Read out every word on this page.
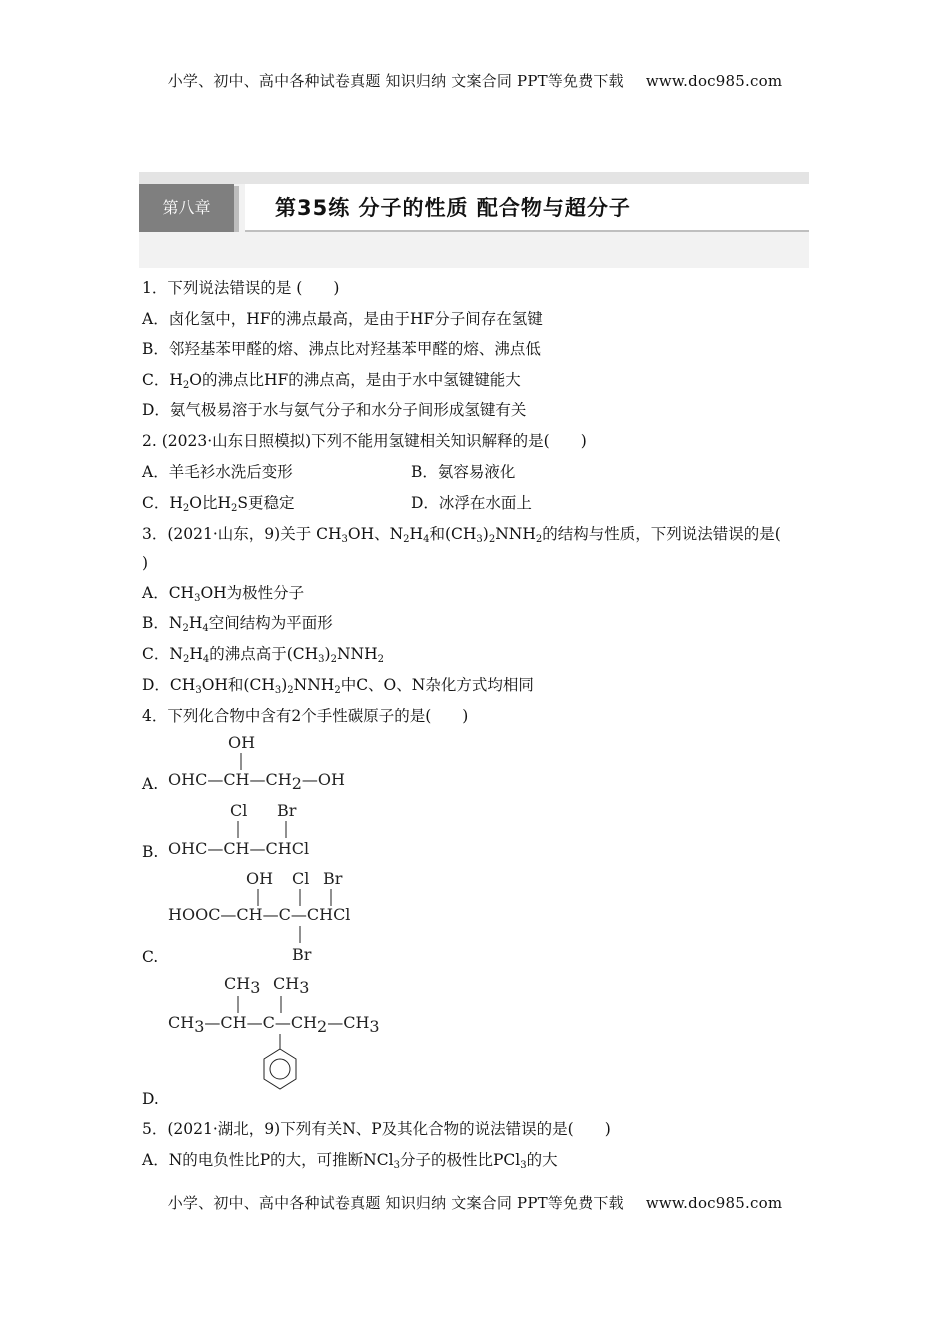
小学、初中、高中各种试卷真题 知识归纳 文案合同 PPT等免费下载 www.doc985.com
第八章	第35练 分子的性质 配合物与超分子
1．下列说法错误的是 (　　)
A．卤化氢中，HF的沸点最高，是由于HF分子间存在氢键
B．邻羟基苯甲醛的熔、沸点比对羟基苯甲醛的熔、沸点低
C．$H_2O$的沸点比HF的沸点高，是由于水中氢键键能大
D．氨气极易溶于水与氨气分子和水分子间形成氢键有关
2. (2023·山东日照模拟)下列不能用氢键相关知识解释的是(　　)
A．羊毛衫水洗后变形	B．氨容易液化
C．$H_2O$比$H_2S$更稳定	D．冰浮在水面上
3．(2021·山东，9)关于 $CH_3OH$、$N_2H_4$和$(CH_3)_2NNH_2$的结构与性质，下列说法错误的是(
)
A．$CH_3OH$为极性分子
B．$N_2H_4$空间结构为平面形
C．$N_2H_4$的沸点高于$(CH_3)_2NNH_2$
D．$CH_3OH$和$(CH_3)_2NNH_2$中C、O、N杂化方式均相同
4．下列化合物中含有2个手性碳原子的是(　　)
A.
B.
C.
D.
OH
OHC—CH—CH2—OH
Cl Br
OHC—CH—CHCl
OH Cl Br
HOOC—CH—C—CHCl
Br
CH3 CH3
CH3—CH—C—CH2—CH3
5．(2021·湖北，9)下列有关N、P及其化合物的说法错误的是(　　)
A．N的电负性比P的大，可推断NCl$_3$分子的极性比PCl$_3$的大
小学、初中、高中各种试卷真题 知识归纳 文案合同 PPT等免费下载 www.doc985.com
